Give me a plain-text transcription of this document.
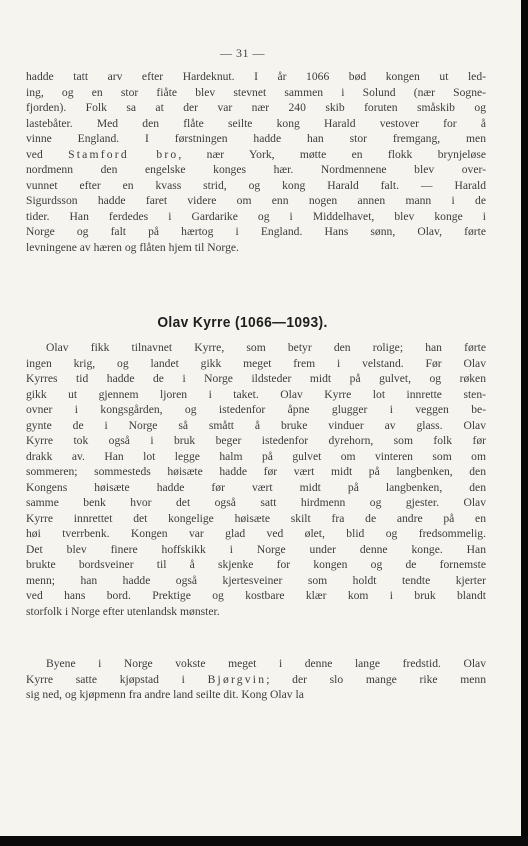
— 31 —
hadde tatt arv efter Hardeknut. I år 1066 bød kongen ut led-
ing, og en stor fiåte blev stevnet sammen i Solund (nær Sogne-
fjorden). Folk sa at der var nær 240 skib foruten småskib og
lastebåter. Med den flåte seilte kong Harald vestover for å
vinne England. I førstningen hadde han stor fremgang, men
ved Stamford bro, nær York, møtte en flokk brynjeløse
nordmenn den engelske konges hær. Nordmennene blev over-
vunnet efter en kvass strid, og kong Harald falt. — Harald
Sigurdsson hadde faret videre om enn nogen annen mann i de
tider. Han ferdedes i Gardarike og i Middelhavet, blev konge i
Norge og falt på hærtog i England. Hans sønn, Olav, førte
levningene av hæren og flåten hjem til Norge.
Olav Kyrre (1066—1093).
Olav fikk tilnavnet Kyrre, som betyr den rolige; han førte
ingen krig, og landet gikk meget frem i velstand. Før Olav
Kyrres tid hadde de i Norge ildsteder midt på gulvet, og røken
gikk ut gjennem ljoren i taket. Olav Kyrre lot innrette sten-
ovner i kongsgården, og istedenfor åpne glugger i veggen be-
gynte de i Norge så smått å bruke vinduer av glass. Olav
Kyrre tok også i bruk beger istedenfor dyrehorn, som folk før
drakk av. Han lot legge halm på gulvet om vinteren som om
sommeren; sommesteds høisæte hadde før vært midt på langbenken, den
Kongens høisæte hadde før vært midt på langbenken, den
samme benk hvor det også satt hirdmenn og gjester. Olav
Kyrre innrettet det kongelige høisæte skilt fra de andre på en
høi tverrbenk. Kongen var glad ved ølet, blid og fredsommelig.
Det blev finere hoffskikk i Norge under denne konge. Han
brukte bordsveiner til å skjenke for kongen og de fornemste
menn; han hadde også kjertesveiner som holdt tendte kjerter
ved hans bord. Prektige og kostbare klær kom i bruk blandt
storfolk i Norge efter utenlandsk mønster.
Byene i Norge vokste meget i denne lange fredstid. Olav
Kyrre satte kjøpstad i Bjørgvin; der slo mange rike menn
sig ned, og kjøpmenn fra andre land seilte dit. Kong Olav la
